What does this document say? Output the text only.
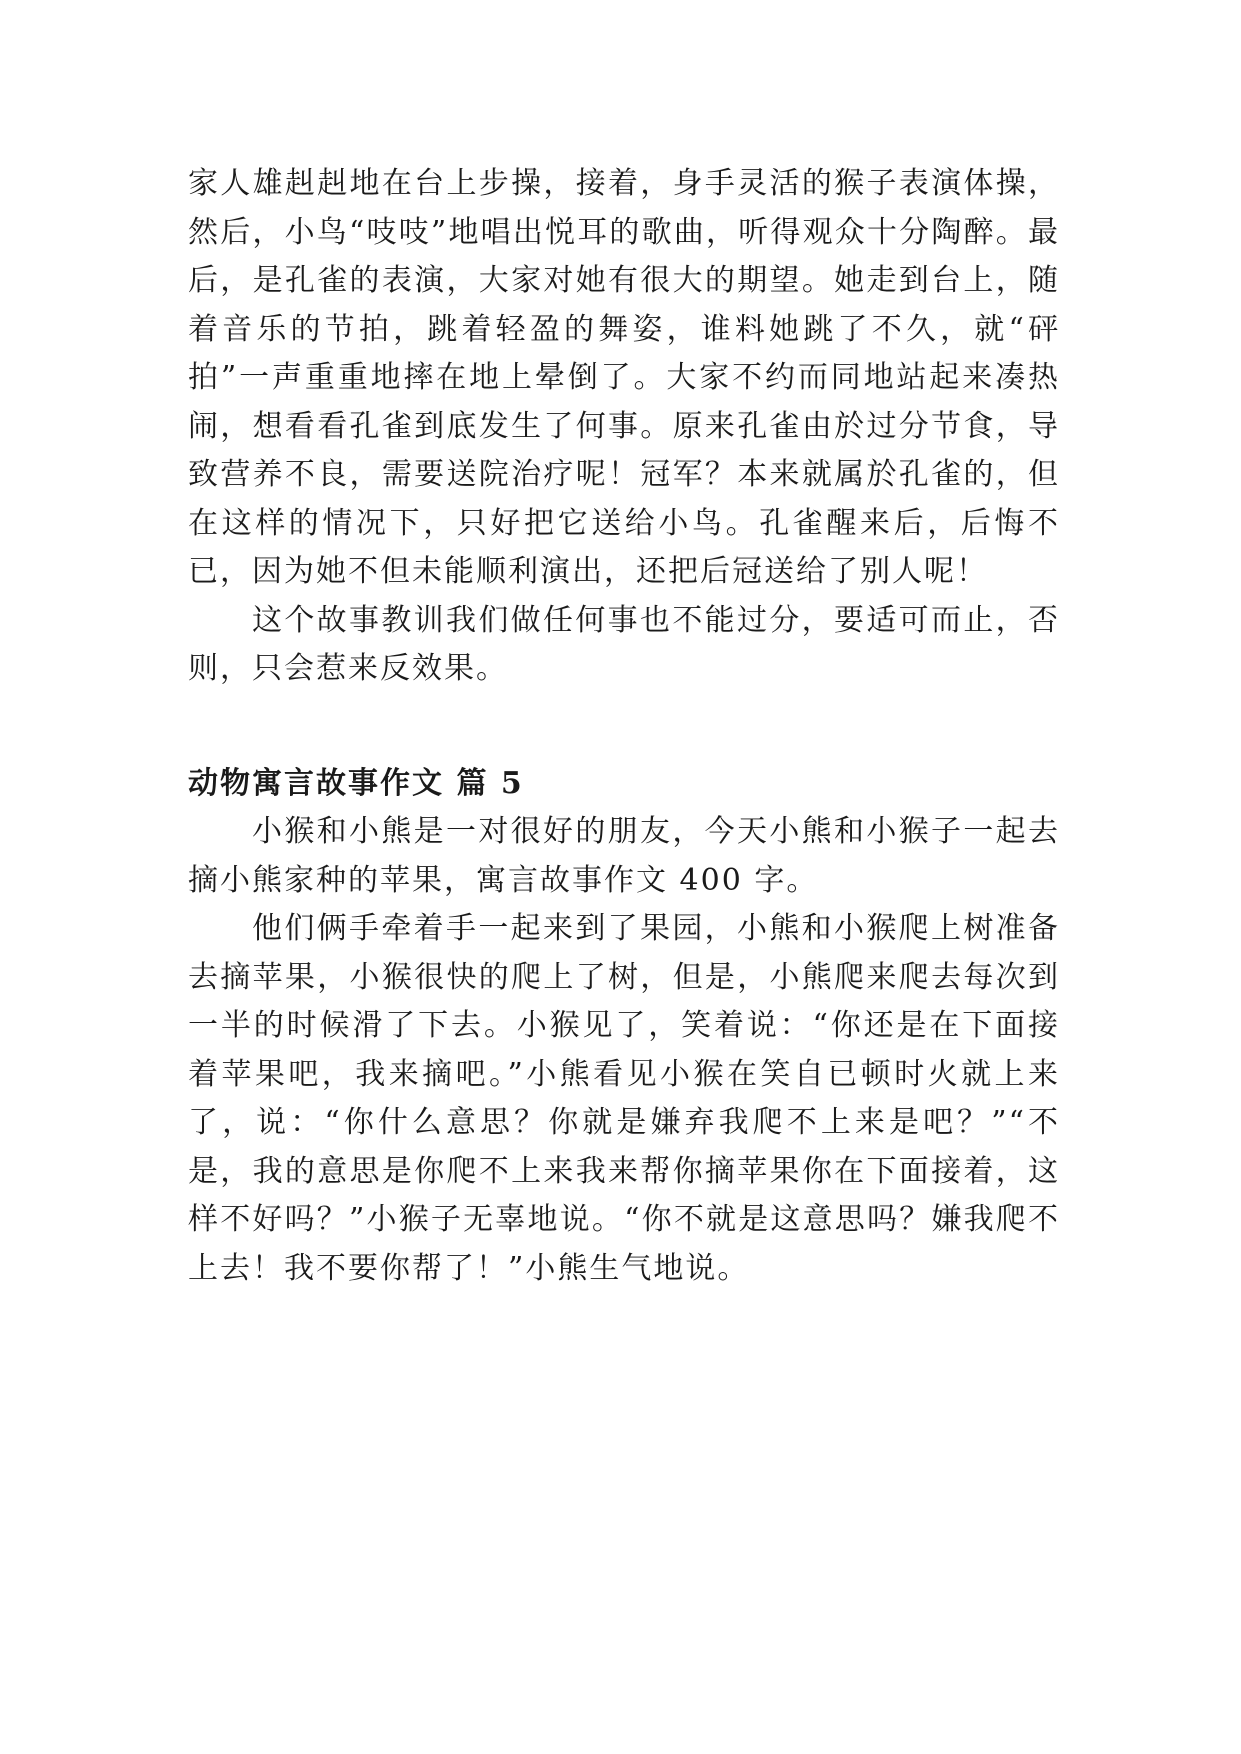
家人雄赳赳地在台上步操，接着，身手灵活的猴子表演体操，然后，小鸟“吱吱”地唱出悦耳的歌曲，听得观众十分陶醉。最后，是孔雀的表演，大家对她有很大的期望。她走到台上，随着音乐的节拍，跳着轻盈的舞姿，谁料她跳了不久，就“砰拍”一声重重地摔在地上晕倒了。大家不约而同地站起来凑热闹，想看看孔雀到底发生了何事。原来孔雀由於过分节食，导致营养不良，需要送院治疗呢！冠军？本来就属於孔雀的，但在这样的情况下，只好把它送给小鸟。孔雀醒来后，后悔不已，因为她不但未能顺利演出，还把后冠送给了别人呢！

这个故事教训我们做任何事也不能过分，要适可而止，否则，只会惹来反效果。

动物寓言故事作文 篇 5

小猴和小熊是一对很好的朋友，今天小熊和小猴子一起去摘小熊家种的苹果，寓言故事作文 400 字。

他们俩手牵着手一起来到了果园，小熊和小猴爬上树准备去摘苹果，小猴很快的爬上了树，但是，小熊爬来爬去每次到一半的时候滑了下去。小猴见了，笑着说：“你还是在下面接着苹果吧，我来摘吧。”小熊看见小猴在笑自已顿时火就上来了，说：“你什么意思？你就是嫌弃我爬不上来是吧？”“不是，我的意思是你爬不上来我来帮你摘苹果你在下面接着，这样不好吗？”小猴子无辜地说。“你不就是这意思吗？嫌我爬不上去！我不要你帮了！”小熊生气地说。
